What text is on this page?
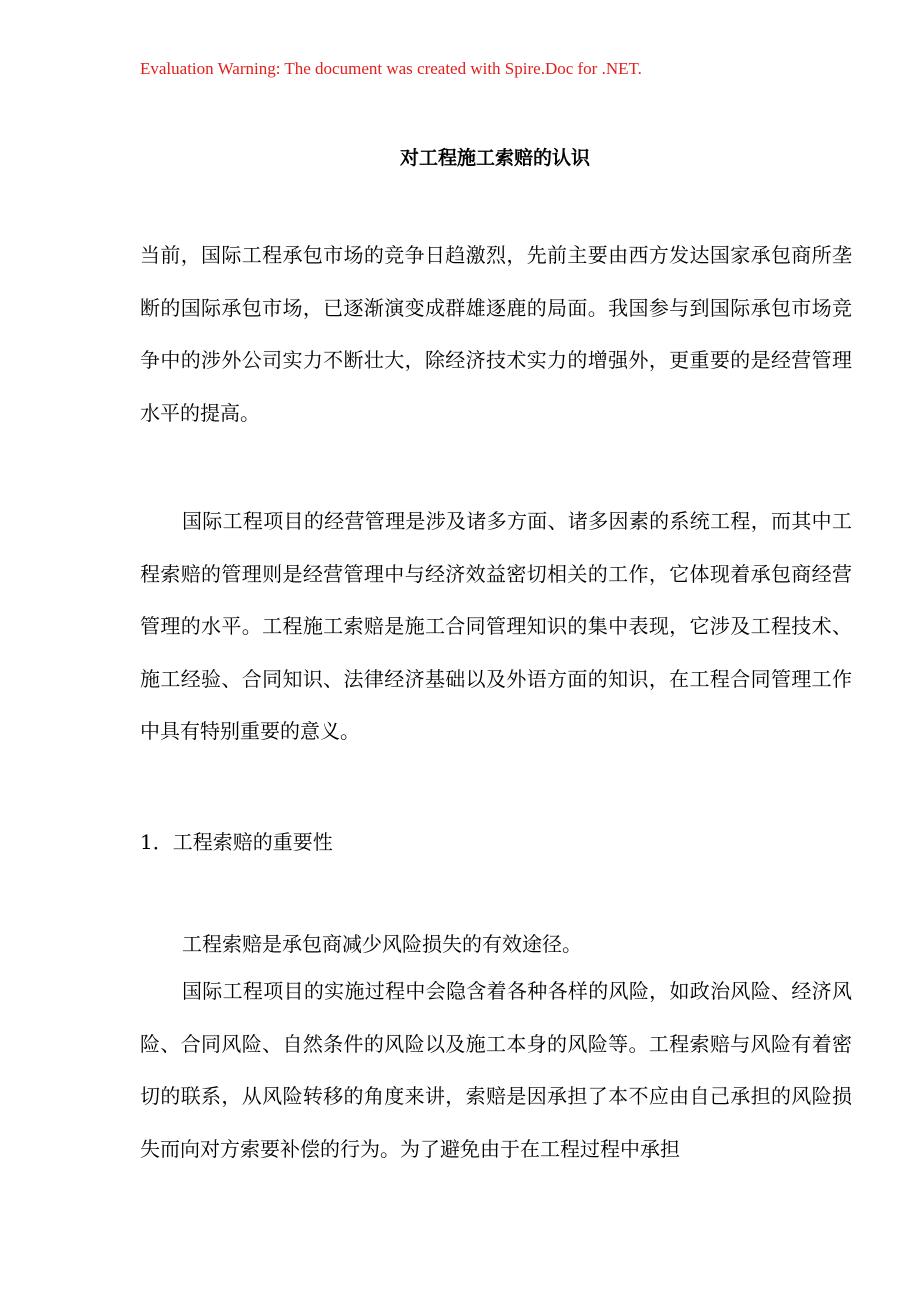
Evaluation Warning: The document was created with Spire.Doc for .NET.
对工程施工索赔的认识

当前，国际工程承包市场的竞争日趋激烈，先前主要由西方发达国家承包商所垄断的国际承包市场，已逐渐演变成群雄逐鹿的局面。我国参与到国际承包市场竞争中的涉外公司实力不断壮大，除经济技术实力的增强外，更重要的是经营管理水平的提高。

国际工程项目的经营管理是涉及诸多方面、诸多因素的系统工程，而其中工程索赔的管理则是经营管理中与经济效益密切相关的工作，它体现着承包商经营管理的水平。工程施工索赔是施工合同管理知识的集中表现，它涉及工程技术、施工经验、合同知识、法律经济基础以及外语方面的知识，在工程合同管理工作中具有特别重要的意义。

1．工程索赔的重要性

工程索赔是承包商减少风险损失的有效途径。

国际工程项目的实施过程中会隐含着各种各样的风险，如政治风险、经济风险、合同风险、自然条件的风险以及施工本身的风险等。工程索赔与风险有着密切的联系，从风险转移的角度来讲，索赔是因承担了本不应由自己承担的风险损失而向对方索要补偿的行为。为了避免由于在工程过程中承担
